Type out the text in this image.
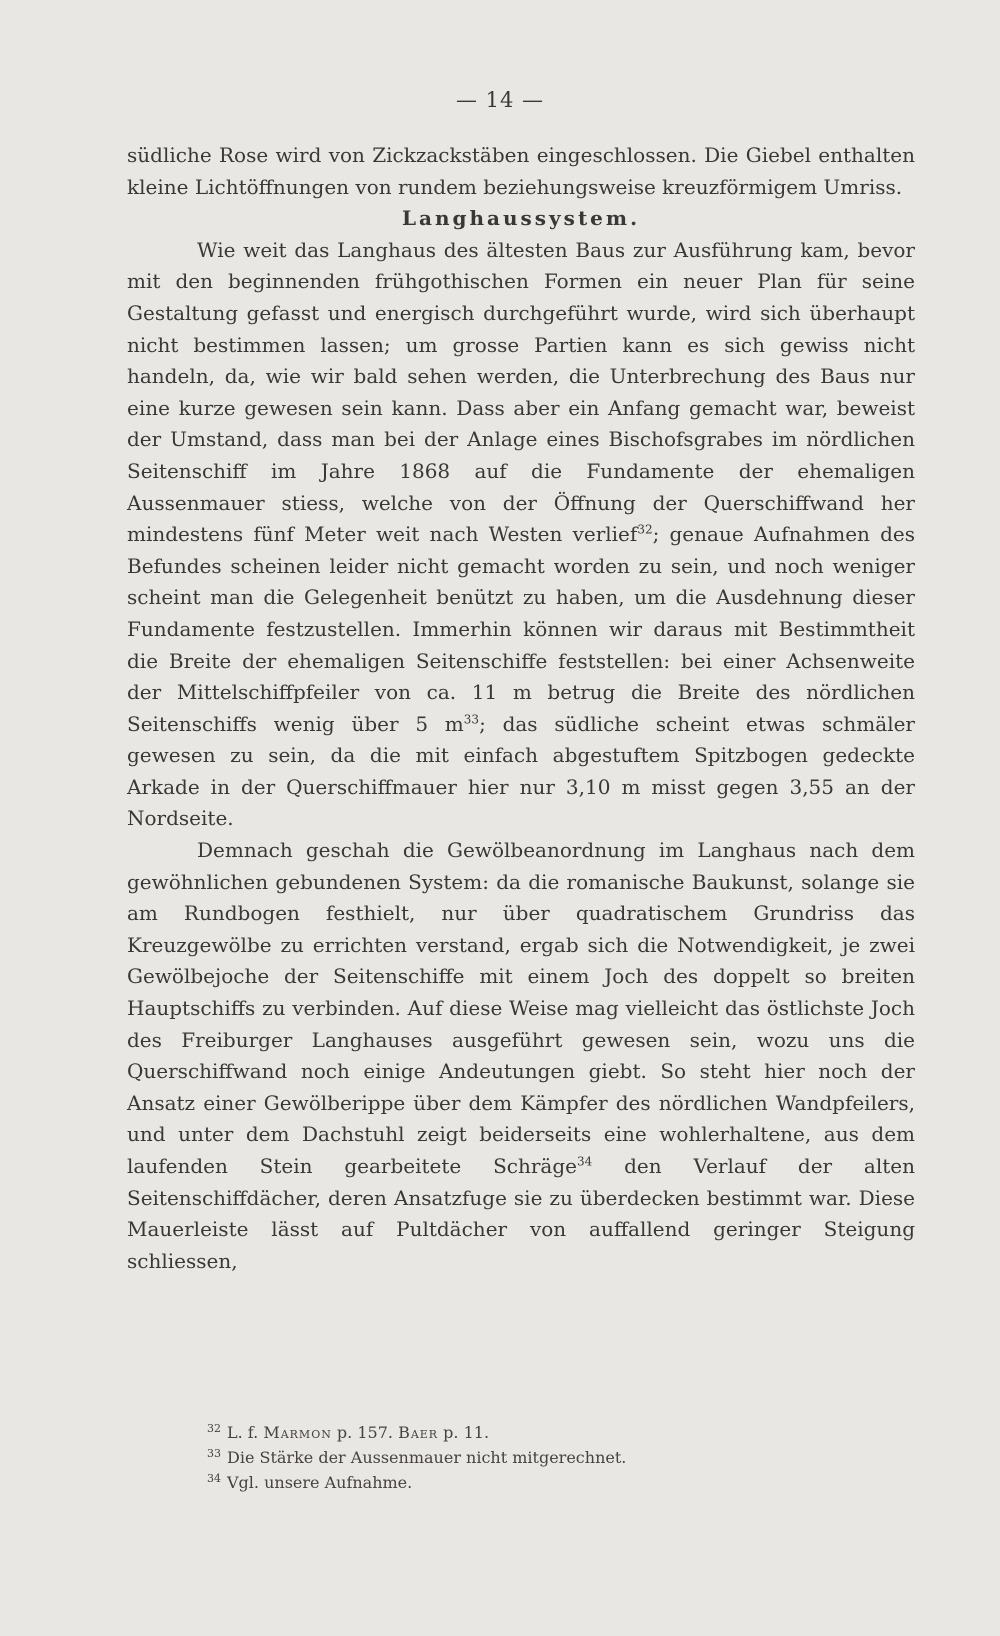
— 14 —

südliche Rose wird von Zickzackstäben eingeschlossen. Die Giebel enthalten kleine Lichtöffnungen von rundem beziehungsweise kreuzförmigem Umriss.

Langhaussystem.

Wie weit das Langhaus des ältesten Baus zur Ausführung kam, bevor mit den beginnenden frühgothischen Formen ein neuer Plan für seine Gestaltung gefasst und energisch durchgeführt wurde, wird sich überhaupt nicht bestimmen lassen; um grosse Partien kann es sich gewiss nicht handeln, da, wie wir bald sehen werden, die Unterbrechung des Baus nur eine kurze gewesen sein kann. Dass aber ein Anfang gemacht war, beweist der Umstand, dass man bei der Anlage eines Bischofsgrabes im nördlichen Seitenschiff im Jahre 1868 auf die Fundamente der ehemaligen Aussenmauer stiess, welche von der Öffnung der Querschiffwand her mindestens fünf Meter weit nach Westen verlief$^{32}$; genaue Aufnahmen des Befundes scheinen leider nicht gemacht worden zu sein, und noch weniger scheint man die Gelegenheit benützt zu haben, um die Ausdehnung dieser Fundamente festzustellen. Immerhin können wir daraus mit Bestimmtheit die Breite der ehemaligen Seitenschiffe feststellen: bei einer Achsenweite der Mittelschiffpfeiler von ca. 11 m betrug die Breite des nördlichen Seitenschiffs wenig über 5 $m^{33}$; das südliche scheint etwas schmäler gewesen zu sein, da die mit einfach abgestuftem Spitzbogen gedeckte Arkade in der Querschiffmauer hier nur 3,10 m misst gegen 3,55 an der Nordseite.

Demnach geschah die Gewölbeanordnung im Langhaus nach dem gewöhnlichen gebundenen System: da die romanische Baukunst, solange sie am Rundbogen festhielt, nur über quadratischem Grundriss das Kreuzgewölbe zu errichten verstand, ergab sich die Notwendigkeit, je zwei Gewölbejoche der Seitenschiffe mit einem Joch des doppelt so breiten Hauptschiffs zu verbinden. Auf diese Weise mag vielleicht das östlichste Joch des Freiburger Langhauses ausgeführt gewesen sein, wozu uns die Querschiffwand noch einige Andeutungen giebt. So steht hier noch der Ansatz einer Gewölberippe über dem Kämpfer des nördlichen Wandpfeilers, und unter dem Dachstuhl zeigt beiderseits eine wohlerhaltene, aus dem laufenden Stein gearbeitete Schräge$^{34}$ den Verlauf der alten Seitenschiffdächer, deren Ansatzfuge sie zu überdecken bestimmt war. Diese Mauerleiste lässt auf Pultdächer von auffallend geringer Steigung schliessen,

$^{32}$ L. f. Marmon p. 157. Baer p. 11.

$^{33}$ Die Stärke der Aussenmauer nicht mitgerechnet.

$^{34}$ Vgl. unsere Aufnahme.
